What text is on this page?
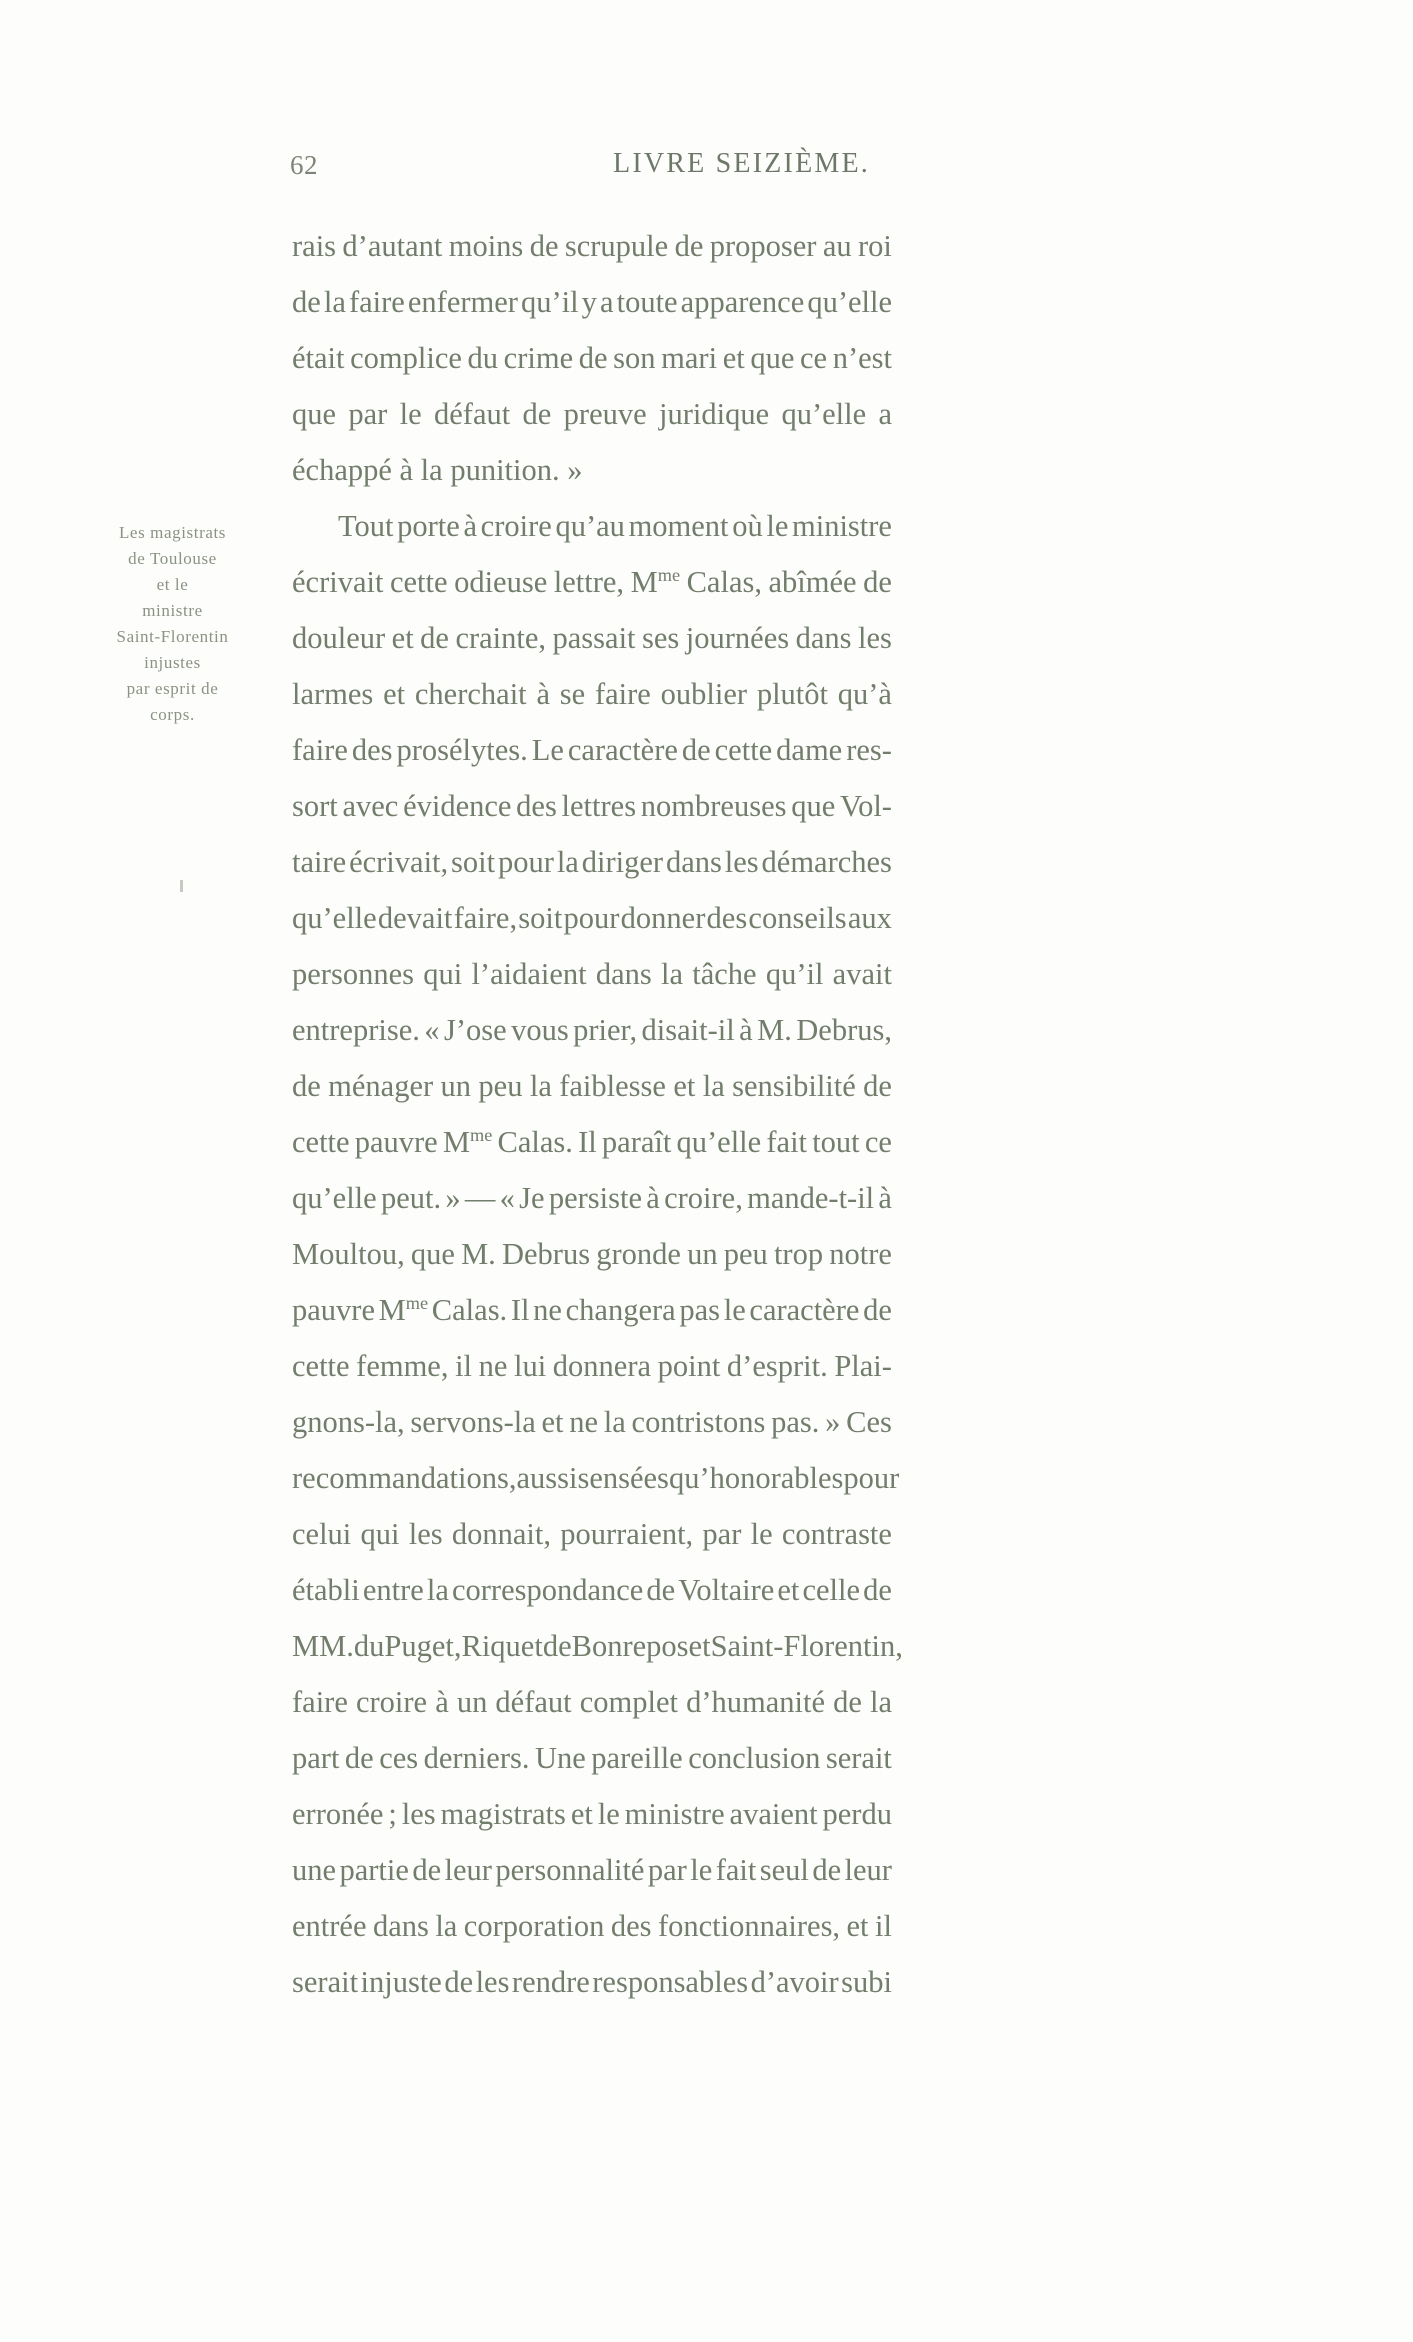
62	LIVRE SEIZIÈME.
Les magistrats
de Toulouse
et le
ministre
Saint-Florentin
injustes
par esprit de
corps.
rais d’autant moins de scrupule de proposer au roi
de la faire enfermer qu’il y a toute apparence qu’elle
était complice du crime de son mari et que ce n’est
que par le défaut de preuve juridique qu’elle a
échappé à la punition. »
Tout porte à croire qu’au moment où le ministre
écrivait cette odieuse lettre, $M^{me}$ Calas, abîmée de
douleur et de crainte, passait ses journées dans les
larmes et cherchait à se faire oublier plutôt qu’à
faire des prosélytes. Le caractère de cette dame res-
sort avec évidence des lettres nombreuses que Vol-
taire écrivait, soit pour la diriger dans les démarches
qu’elle devait faire, soit pour donner des conseils aux
personnes qui l’aidaient dans la tâche qu’il avait
entreprise. « J’ose vous prier, disait-il à M. Debrus,
de ménager un peu la faiblesse et la sensibilité de
cette pauvre $M^{me}$ Calas. Il paraît qu’elle fait tout ce
qu’elle peut. » — « Je persiste à croire, mande-t-il à
Moultou, que M. Debrus gronde un peu trop notre
pauvre $M^{me}$ Calas. Il ne changera pas le caractère de
cette femme, il ne lui donnera point d’esprit. Plai-
gnons-la, servons-la et ne la contristons pas. » Ces
recommandations, aussi sensées qu’honorables pour
celui qui les donnait, pourraient, par le contraste
établi entre la correspondance de Voltaire et celle de
MM. du Puget, Riquet de Bonrepos et Saint-Florentin,
faire croire à un défaut complet d’humanité de la
part de ces derniers. Une pareille conclusion serait
erronée ; les magistrats et le ministre avaient perdu
une partie de leur personnalité par le fait seul de leur
entrée dans la corporation des fonctionnaires, et il
serait injuste de les rendre responsables d’avoir subi
